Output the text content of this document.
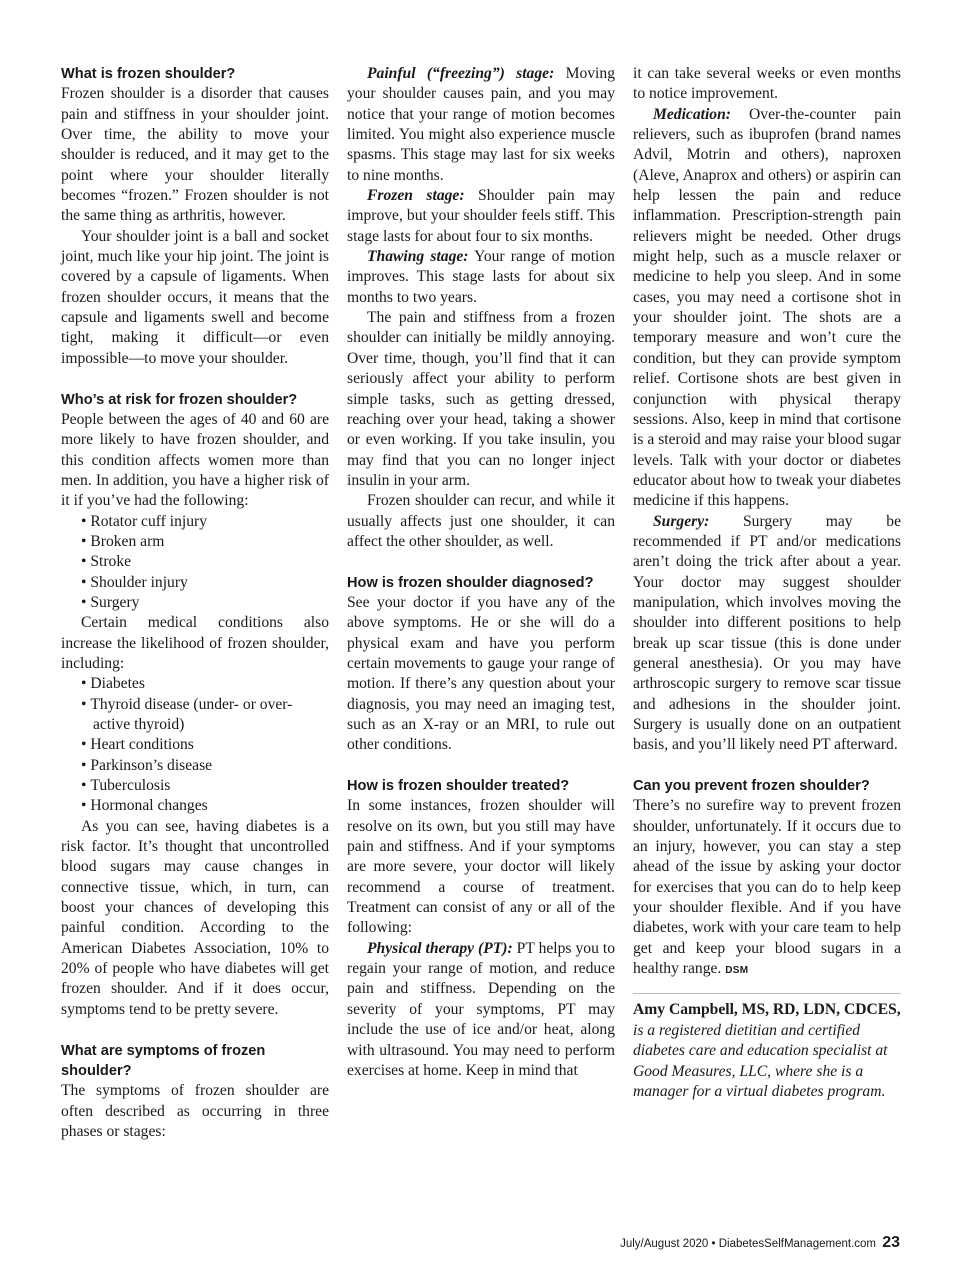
What is frozen shoulder?

Frozen shoulder is a disorder that causes pain and stiffness in your shoulder joint. Over time, the ability to move your shoulder is reduced, and it may get to the point where your shoulder literally becomes “frozen.” Frozen shoulder is not the same thing as arthritis, however.

Your shoulder joint is a ball and socket joint, much like your hip joint. The joint is covered by a capsule of ligaments. When frozen shoulder occurs, it means that the capsule and ligaments swell and become tight, making it difficult—or even impossible—to move your shoulder.

Who’s at risk for frozen shoulder?

People between the ages of 40 and 60 are more likely to have frozen shoulder, and this condition affects women more than men. In addition, you have a higher risk of it if you’ve had the following:

• Rotator cuff injury
• Broken arm
• Stroke
• Shoulder injury
• Surgery

Certain medical conditions also increase the likelihood of frozen shoulder, including:

• Diabetes
• Thyroid disease (under- or over-active thyroid)
• Heart conditions
• Parkinson’s disease
• Tuberculosis
• Hormonal changes

As you can see, having diabetes is a risk factor. It’s thought that uncontrolled blood sugars may cause changes in connective tissue, which, in turn, can boost your chances of developing this painful condition. According to the American Diabetes Association, 10% to 20% of people who have diabetes will get frozen shoulder. And if it does occur, symptoms tend to be pretty severe.

What are symptoms of frozen shoulder?

The symptoms of frozen shoulder are often described as occurring in three phases or stages:

Painful (“freezing”) stage: Moving your shoulder causes pain, and you may notice that your range of motion becomes limited. You might also experience muscle spasms. This stage may last for six weeks to nine months.

Frozen stage: Shoulder pain may improve, but your shoulder feels stiff. This stage lasts for about four to six months.

Thawing stage: Your range of motion improves. This stage lasts for about six months to two years.

The pain and stiffness from a frozen shoulder can initially be mildly annoying. Over time, though, you’ll find that it can seriously affect your ability to perform simple tasks, such as getting dressed, reaching over your head, taking a shower or even working. If you take insulin, you may find that you can no longer inject insulin in your arm.

Frozen shoulder can recur, and while it usually affects just one shoulder, it can affect the other shoulder, as well.

How is frozen shoulder diagnosed?

See your doctor if you have any of the above symptoms. He or she will do a physical exam and have you perform certain movements to gauge your range of motion. If there’s any question about your diagnosis, you may need an imaging test, such as an X-ray or an MRI, to rule out other conditions.

How is frozen shoulder treated?

In some instances, frozen shoulder will resolve on its own, but you still may have pain and stiffness. And if your symptoms are more severe, your doctor will likely recommend a course of treatment. Treatment can consist of any or all of the following:

Physical therapy (PT): PT helps you to regain your range of motion, and reduce pain and stiffness. Depending on the severity of your symptoms, PT may include the use of ice and/or heat, along with ultrasound. You may need to perform exercises at home. Keep in mind that

it can take several weeks or even months to notice improvement.

Medication: Over-the-counter pain relievers, such as ibuprofen (brand names Advil, Motrin and others), naproxen (Aleve, Anaprox and others) or aspirin can help lessen the pain and reduce inflammation. Prescription-strength pain relievers might be needed. Other drugs might help, such as a muscle relaxer or medicine to help you sleep. And in some cases, you may need a cortisone shot in your shoulder joint. The shots are a temporary measure and won’t cure the condition, but they can provide symptom relief. Cortisone shots are best given in conjunction with physical therapy sessions. Also, keep in mind that cortisone is a steroid and may raise your blood sugar levels. Talk with your doctor or diabetes educator about how to tweak your diabetes medicine if this happens.

Surgery: Surgery may be recommended if PT and/or medications aren’t doing the trick after about a year. Your doctor may suggest shoulder manipulation, which involves moving the shoulder into different positions to help break up scar tissue (this is done under general anesthesia). Or you may have arthroscopic surgery to remove scar tissue and adhesions in the shoulder joint. Surgery is usually done on an outpatient basis, and you’ll likely need PT afterward.

Can you prevent frozen shoulder?

There’s no surefire way to prevent frozen shoulder, unfortunately. If it occurs due to an injury, however, you can stay a step ahead of the issue by asking your doctor for exercises that you can do to help keep your shoulder flexible. And if you have diabetes, work with your care team to help get and keep your blood sugars in a healthy range. DSM

Amy Campbell, MS, RD, LDN, CDCES, is a registered dietitian and certified diabetes care and education specialist at Good Measures, LLC, where she is a manager for a virtual diabetes program.

July/August 2020 • DiabetesSelfManagement.com 23
